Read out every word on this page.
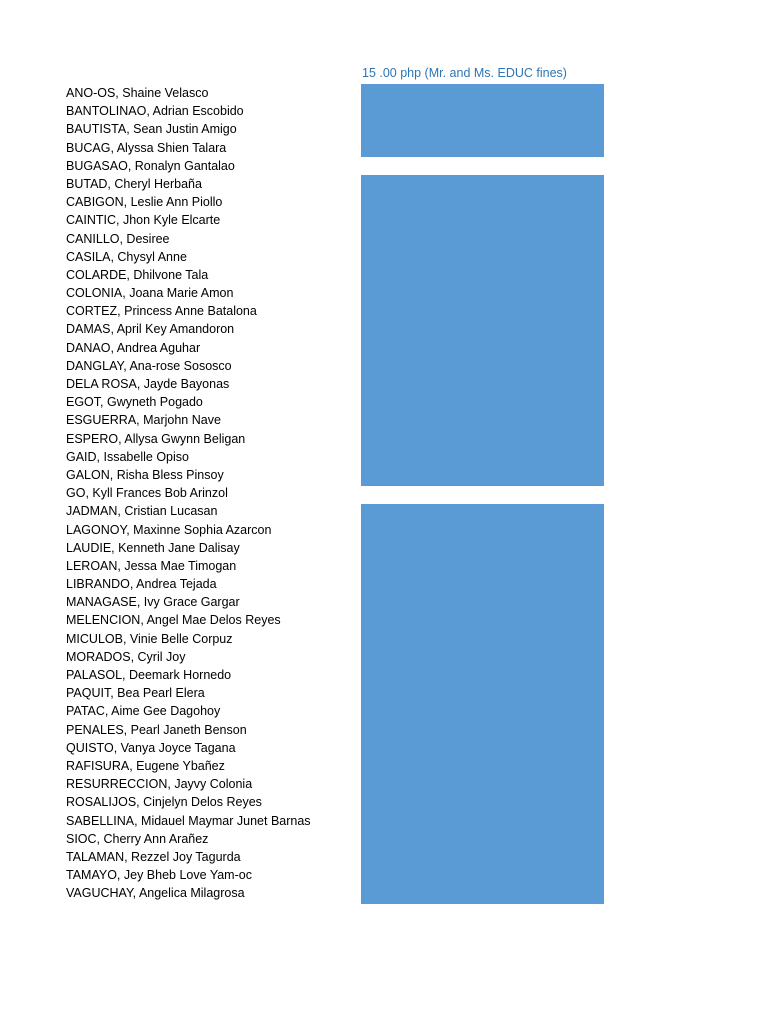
15 .00 php (Mr. and Ms. EDUC fines)
ANO-OS, Shaine Velasco
BANTOLINAO, Adrian Escobido
BAUTISTA, Sean Justin Amigo
BUCAG, Alyssa Shien Talara
BUGASAO, Ronalyn Gantalao
BUTAD, Cheryl Herbaña
CABIGON, Leslie Ann Piollo
CAINTIC, Jhon Kyle Elcarte
CANILLO, Desiree
CASILA, Chysyl Anne
COLARDE, Dhilvone Tala
COLONIA, Joana Marie Amon
CORTEZ, Princess Anne Batalona
DAMAS, April Key Amandoron
DANAO, Andrea Aguhar
DANGLAY, Ana-rose Sososco
DELA ROSA, Jayde Bayonas
EGOT, Gwyneth Pogado
ESGUERRA, Marjohn Nave
ESPERO, Allysa Gwynn Beligan
GAID, Issabelle Opiso
GALON, Risha Bless Pinsoy
GO, Kyll Frances Bob Arinzol
JADMAN, Cristian Lucasan
LAGONOY, Maxinne Sophia Azarcon
LAUDIE, Kenneth Jane Dalisay
LEROAN, Jessa Mae Timogan
LIBRANDO, Andrea Tejada
MANAGASE, Ivy Grace Gargar
MELENCION, Angel Mae Delos Reyes
MICULOB, Vinie Belle Corpuz
MORADOS, Cyril Joy
PALASOL, Deemark Hornedo
PAQUIT, Bea Pearl Elera
PATAC, Aime Gee Dagohoy
PENALES, Pearl Janeth Benson
QUISTO, Vanya Joyce Tagana
RAFISURA, Eugene Ybañez
RESURRECCION, Jayvy Colonia
ROSALIJOS, Cinjelyn Delos Reyes
SABELLINA, Midauel Maymar Junet Barnas
SIOC, Cherry Ann Arañez
TALAMAN, Rezzel Joy Tagurda
TAMAYO, Jey Bheb Love Yam-oc
VAGUCHAY, Angelica Milagrosa
